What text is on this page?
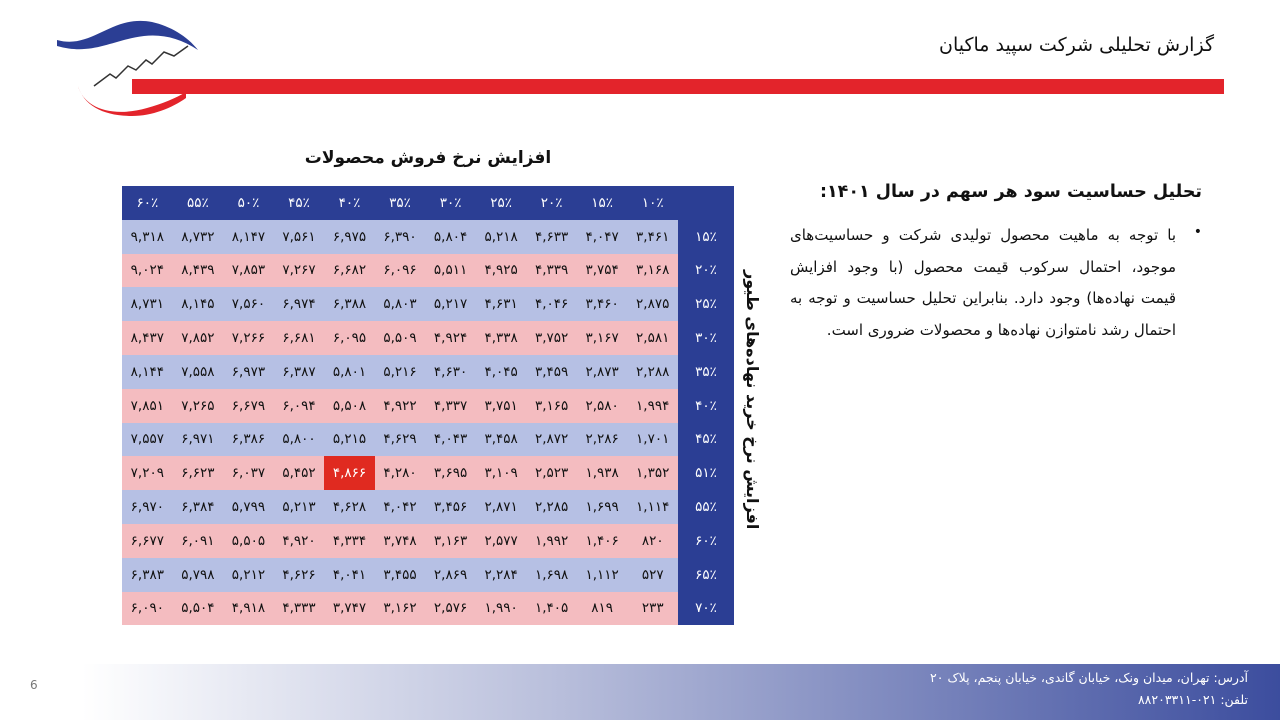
گزارش تحلیلی شرکت سپید ماکیان
افزایش نرخ فروش محصولات
افزایش نرخ خرید نهاده‌های طیور
	۱۰٪	۱۵٪	۲۰٪	۲۵٪	۳۰٪	۳۵٪	۴۰٪	۴۵٪	۵۰٪	۵۵٪	۶۰٪
۱۵٪	۳,۴۶۱	۴,۰۴۷	۴,۶۳۳	۵,۲۱۸	۵,۸۰۴	۶,۳۹۰	۶,۹۷۵	۷,۵۶۱	۸,۱۴۷	۸,۷۳۲	۹,۳۱۸
۲۰٪	۳,۱۶۸	۳,۷۵۴	۴,۳۳۹	۴,۹۲۵	۵,۵۱۱	۶,۰۹۶	۶,۶۸۲	۷,۲۶۷	۷,۸۵۳	۸,۴۳۹	۹,۰۲۴
۲۵٪	۲,۸۷۵	۳,۴۶۰	۴,۰۴۶	۴,۶۳۱	۵,۲۱۷	۵,۸۰۳	۶,۳۸۸	۶,۹۷۴	۷,۵۶۰	۸,۱۴۵	۸,۷۳۱
۳۰٪	۲,۵۸۱	۳,۱۶۷	۳,۷۵۲	۴,۳۳۸	۴,۹۲۴	۵,۵۰۹	۶,۰۹۵	۶,۶۸۱	۷,۲۶۶	۷,۸۵۲	۸,۴۳۷
۳۵٪	۲,۲۸۸	۲,۸۷۳	۳,۴۵۹	۴,۰۴۵	۴,۶۳۰	۵,۲۱۶	۵,۸۰۱	۶,۳۸۷	۶,۹۷۳	۷,۵۵۸	۸,۱۴۴
۴۰٪	۱,۹۹۴	۲,۵۸۰	۳,۱۶۵	۳,۷۵۱	۴,۳۳۷	۴,۹۲۲	۵,۵۰۸	۶,۰۹۴	۶,۶۷۹	۷,۲۶۵	۷,۸۵۱
۴۵٪	۱,۷۰۱	۲,۲۸۶	۲,۸۷۲	۳,۴۵۸	۴,۰۴۳	۴,۶۲۹	۵,۲۱۵	۵,۸۰۰	۶,۳۸۶	۶,۹۷۱	۷,۵۵۷
۵۱٪	۱,۳۵۲	۱,۹۳۸	۲,۵۲۳	۳,۱۰۹	۳,۶۹۵	۴,۲۸۰	۴,۸۶۶	۵,۴۵۲	۶,۰۳۷	۶,۶۲۳	۷,۲۰۹
۵۵٪	۱,۱۱۴	۱,۶۹۹	۲,۲۸۵	۲,۸۷۱	۳,۴۵۶	۴,۰۴۲	۴,۶۲۸	۵,۲۱۳	۵,۷۹۹	۶,۳۸۴	۶,۹۷۰
۶۰٪	۸۲۰	۱,۴۰۶	۱,۹۹۲	۲,۵۷۷	۳,۱۶۳	۳,۷۴۸	۴,۳۳۴	۴,۹۲۰	۵,۵۰۵	۶,۰۹۱	۶,۶۷۷
۶۵٪	۵۲۷	۱,۱۱۲	۱,۶۹۸	۲,۲۸۴	۲,۸۶۹	۳,۴۵۵	۴,۰۴۱	۴,۶۲۶	۵,۲۱۲	۵,۷۹۸	۶,۳۸۳
۷۰٪	۲۳۳	۸۱۹	۱,۴۰۵	۱,۹۹۰	۲,۵۷۶	۳,۱۶۲	۳,۷۴۷	۴,۳۳۳	۴,۹۱۸	۵,۵۰۴	۶,۰۹۰
تحلیل حساسیت سود هر سهم در سال ۱۴۰۱:
•
با توجه به ماهیت محصول تولیدی شرکت و حساسیت‌های موجود، احتمال سرکوب قیمت محصول (با وجود افزایش قیمت نهاده‌ها) وجود دارد. بنابراین تحلیل حساسیت و توجه به احتمال رشد نامتوازن نهاده‌ها و محصولات ضروری است.
آدرس: تهران، میدان ونک، خیابان گاندی، خیابان پنجم، پلاک ۲۰
تلفن: ۰۲۱-۸۸۲۰۳۳۱۱
6
